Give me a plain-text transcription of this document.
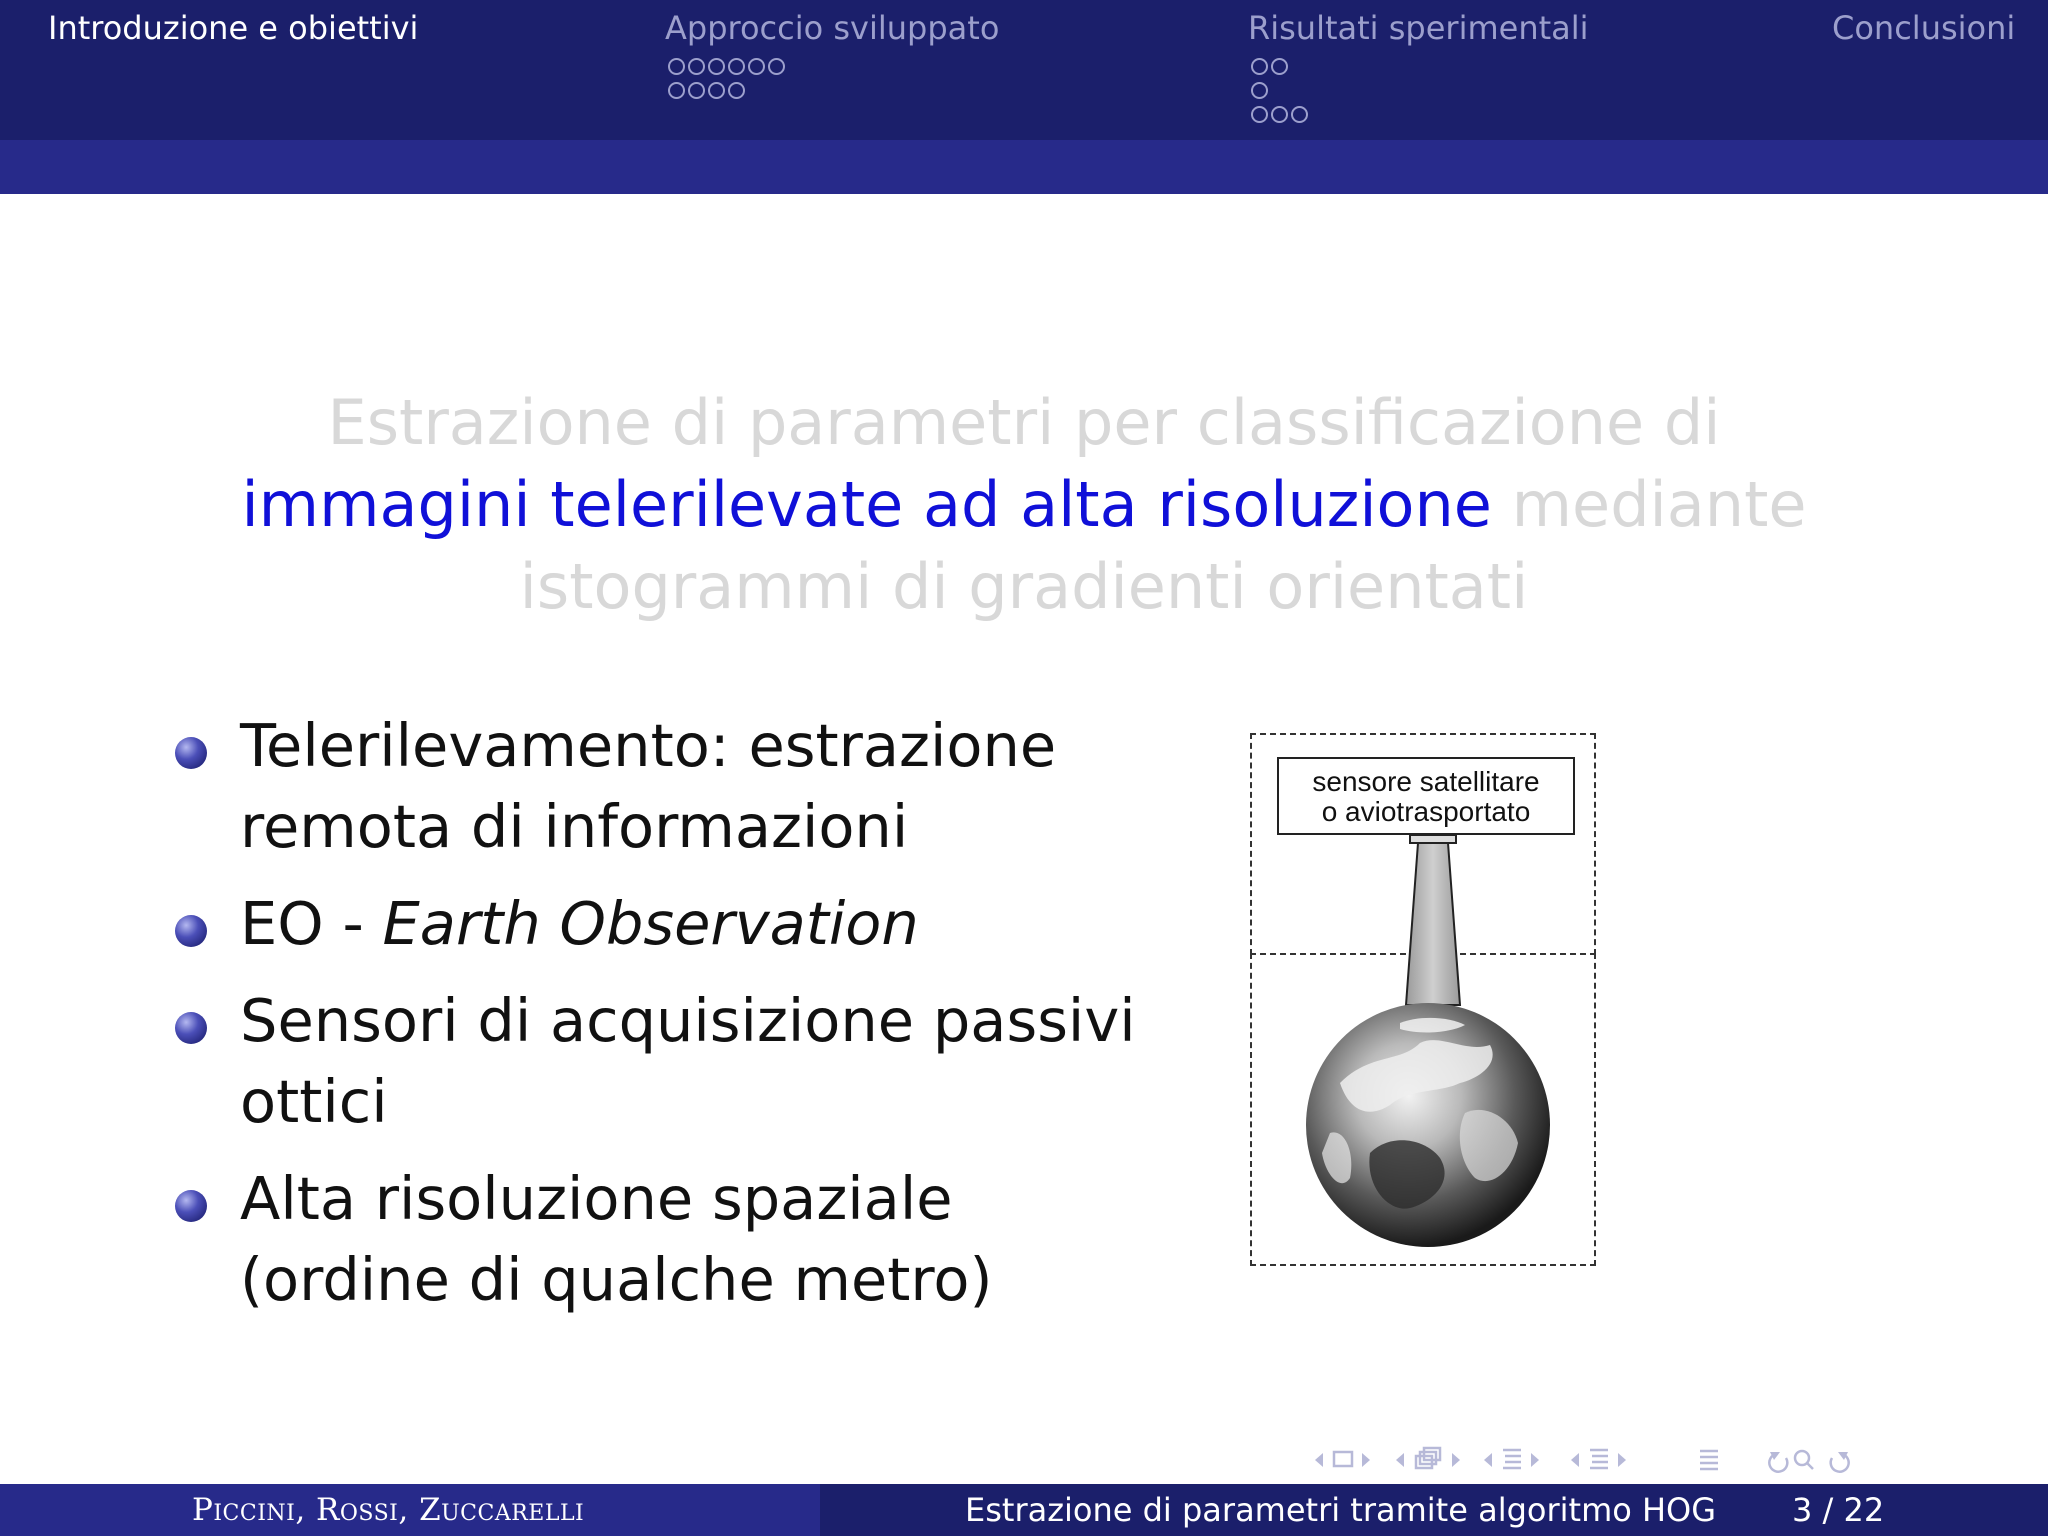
Introduzione e obiettivi	Approccio sviluppato	Risultati sperimentali	Conclusioni
Estrazione di parametri per classificazione di immagini telerilevate ad alta risoluzione mediante istogrammi di gradienti orientati
Telerilevamento: estrazione remota di informazioni
EO - Earth Observation
Sensori di acquisizione passivi ottici
Alta risoluzione spaziale (ordine di qualche metro)
sensore satellitare
o aviotrasportato
Piccini, Rossi, Zuccarelli	Estrazione di parametri tramite algoritmo HOG 3 / 22
